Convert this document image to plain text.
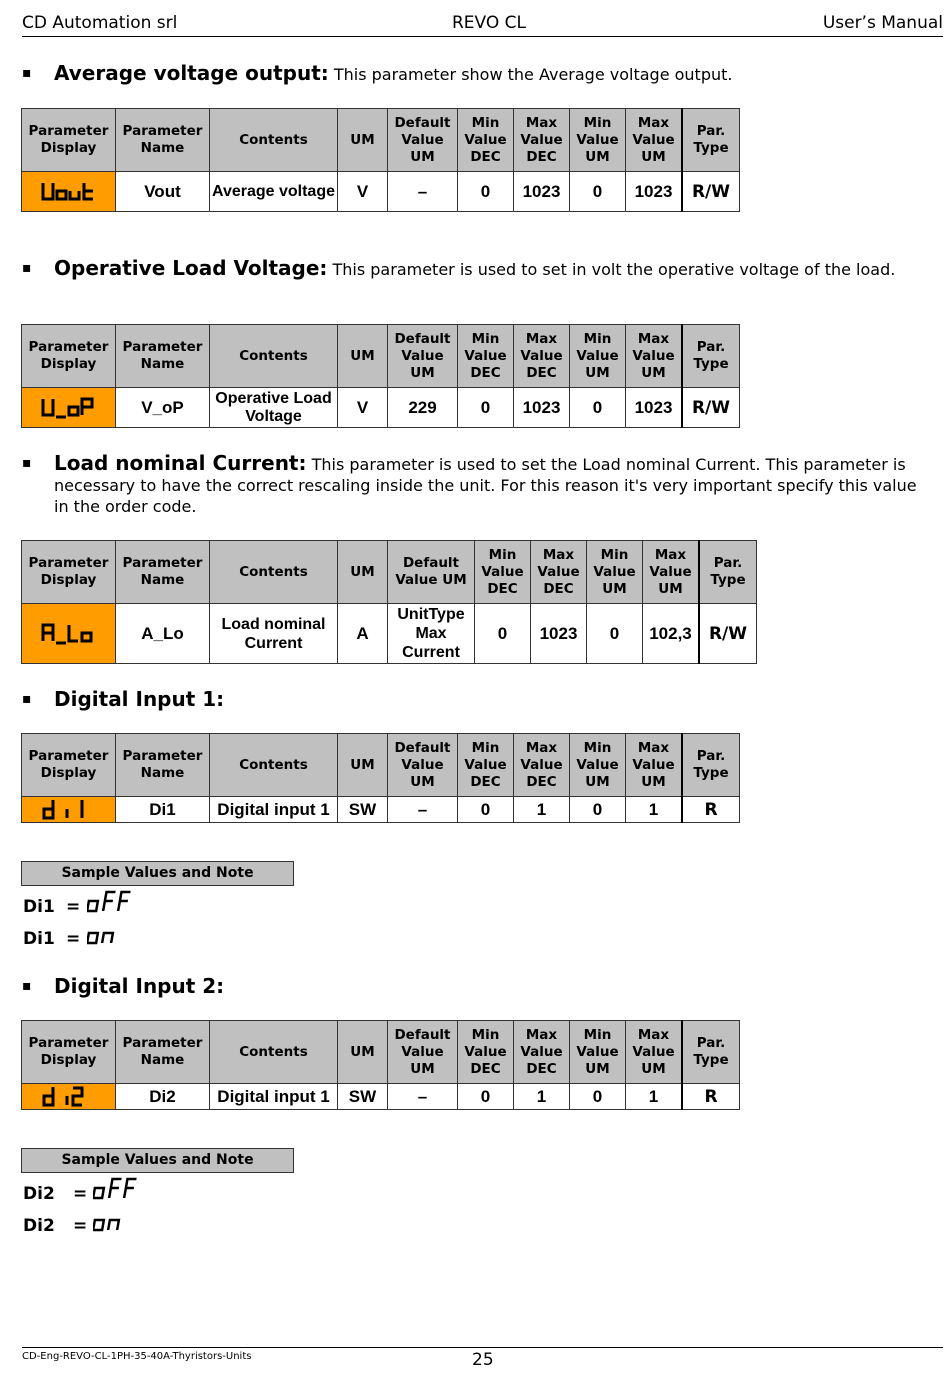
CD Automation srl	REVO CL	User’s Manual
▪ Average voltage output: This parameter show the Average voltage output.
Parameter Display	Parameter Name	Contents	UM	Default Value UM	Min Value DEC	Max Value DEC	Min Value UM	Max Value UM	Par. Type
	Vout	Average voltage	V	–	0	1023	0	1023	R/W
▪ Operative Load Voltage: This parameter is used to set in volt the operative voltage of the load.
Parameter Display	Parameter Name	Contents	UM	Default Value UM	Min Value DEC	Max Value DEC	Min Value UM	Max Value UM	Par. Type
	V_oP	Operative Load Voltage	V	229	0	1023	0	1023	R/W
▪ Load nominal Current: This parameter is used to set the Load nominal Current. This parameter is necessary to have the correct rescaling inside the unit. For this reason it's very important specify this value in the order code.
Parameter Display	Parameter Name	Contents	UM	Default Value UM	Min Value DEC	Max Value DEC	Min Value UM	Max Value UM	Par. Type
	A_Lo	Load nominal Current	A	UnitType Max Current	0	1023	0	102,3	R/W
▪ Digital Input 1:
Parameter Display	Parameter Name	Contents	UM	Default Value UM	Min Value DEC	Max Value DEC	Min Value UM	Max Value UM	Par. Type
	Di1	Digital input 1	SW	–	0	1	0	1	R
Sample Values and Note
Di1 =
Di1 =
▪ Digital Input 2:
Parameter Display	Parameter Name	Contents	UM	Default Value UM	Min Value DEC	Max Value DEC	Min Value UM	Max Value UM	Par. Type
	Di2	Digital input 1	SW	–	0	1	0	1	R
Sample Values and Note
Di2 =
Di2 =
CD-Eng-REVO-CL-1PH-35-40A-Thyristors-Units	25
